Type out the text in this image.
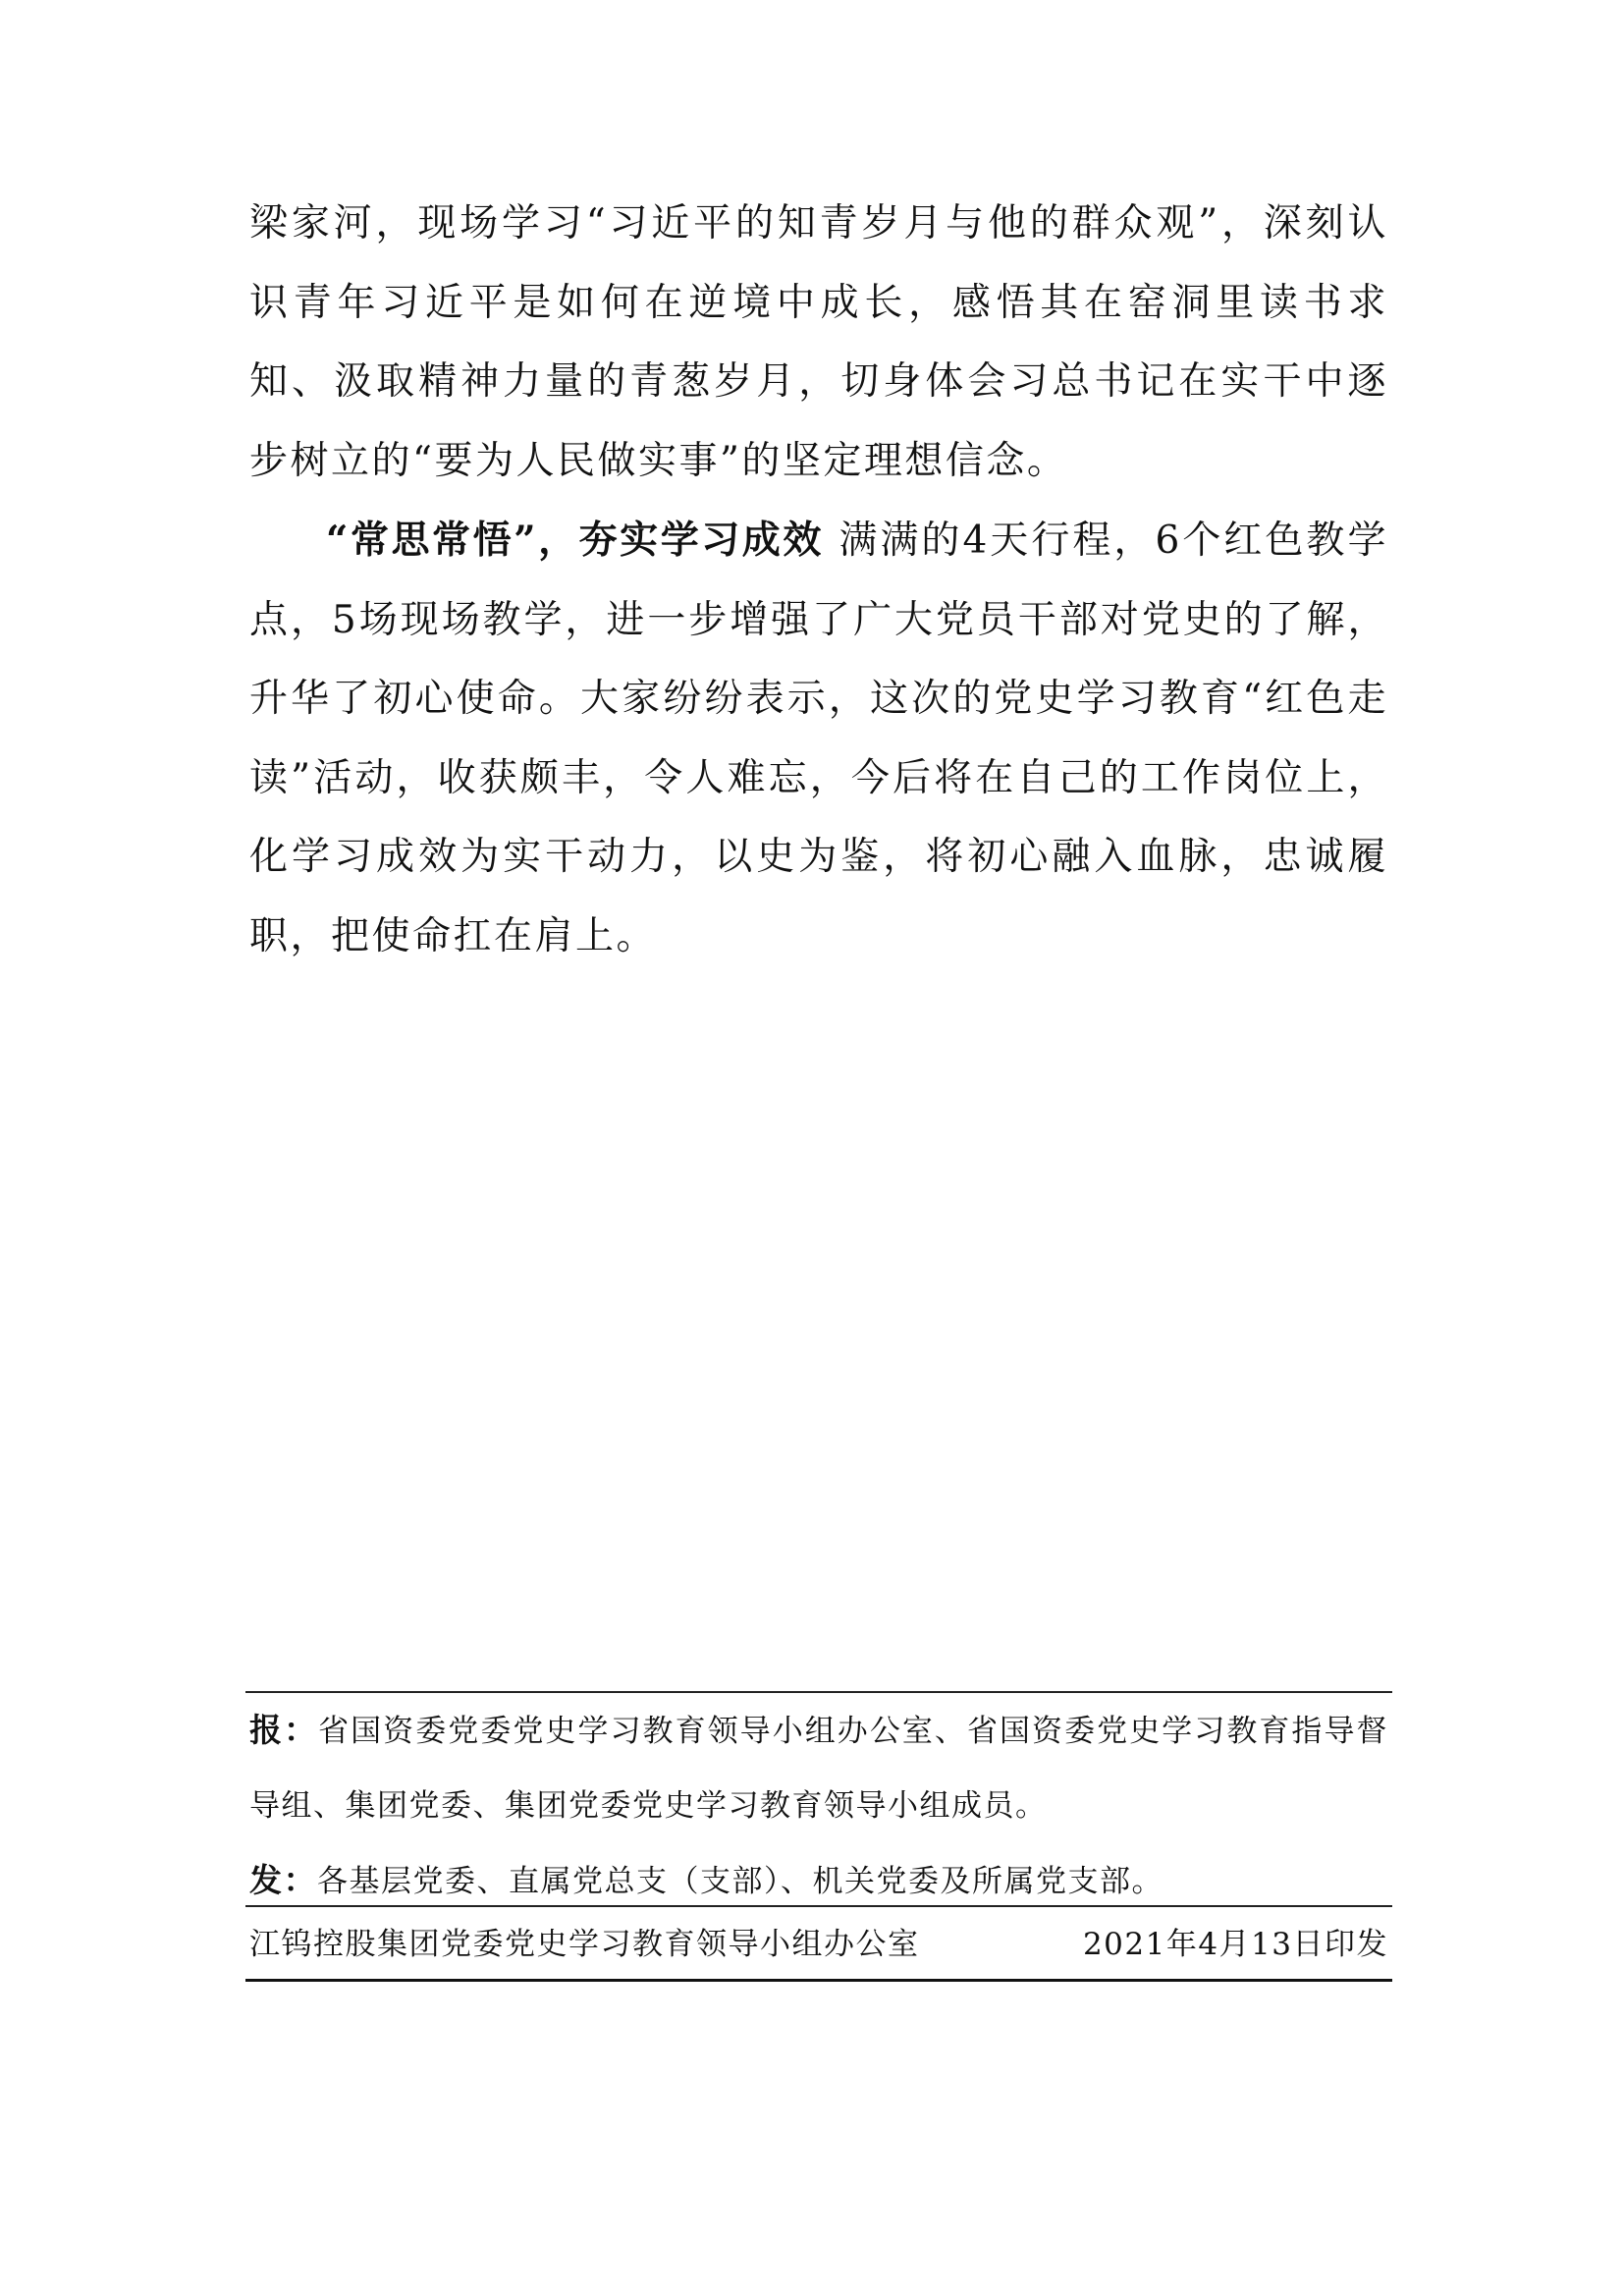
梁家河，现场学习“习近平的知青岁月与他的群众观”，深刻认识青年习近平是如何在逆境中成长，感悟其在窑洞里读书求知、汲取精神力量的青葱岁月，切身体会习总书记在实干中逐步树立的“要为人民做实事”的坚定理想信念。

“常思常悟”，夯实学习成效 满满的4天行程，6个红色教学点，5场现场教学，进一步增强了广大党员干部对党史的了解，升华了初心使命。大家纷纷表示，这次的党史学习教育“红色走读”活动，收获颇丰，令人难忘，今后将在自己的工作岗位上，化学习成效为实干动力，以史为鉴，将初心融入血脉，忠诚履职，把使命扛在肩上。

报：省国资委党委党史学习教育领导小组办公室、省国资委党史学习教育指导督导组、集团党委、集团党委党史学习教育领导小组成员。

发：各基层党委、直属党总支（支部）、机关党委及所属党支部。

江钨控股集团党委党史学习教育领导小组办公室	2021年4月13日印发
